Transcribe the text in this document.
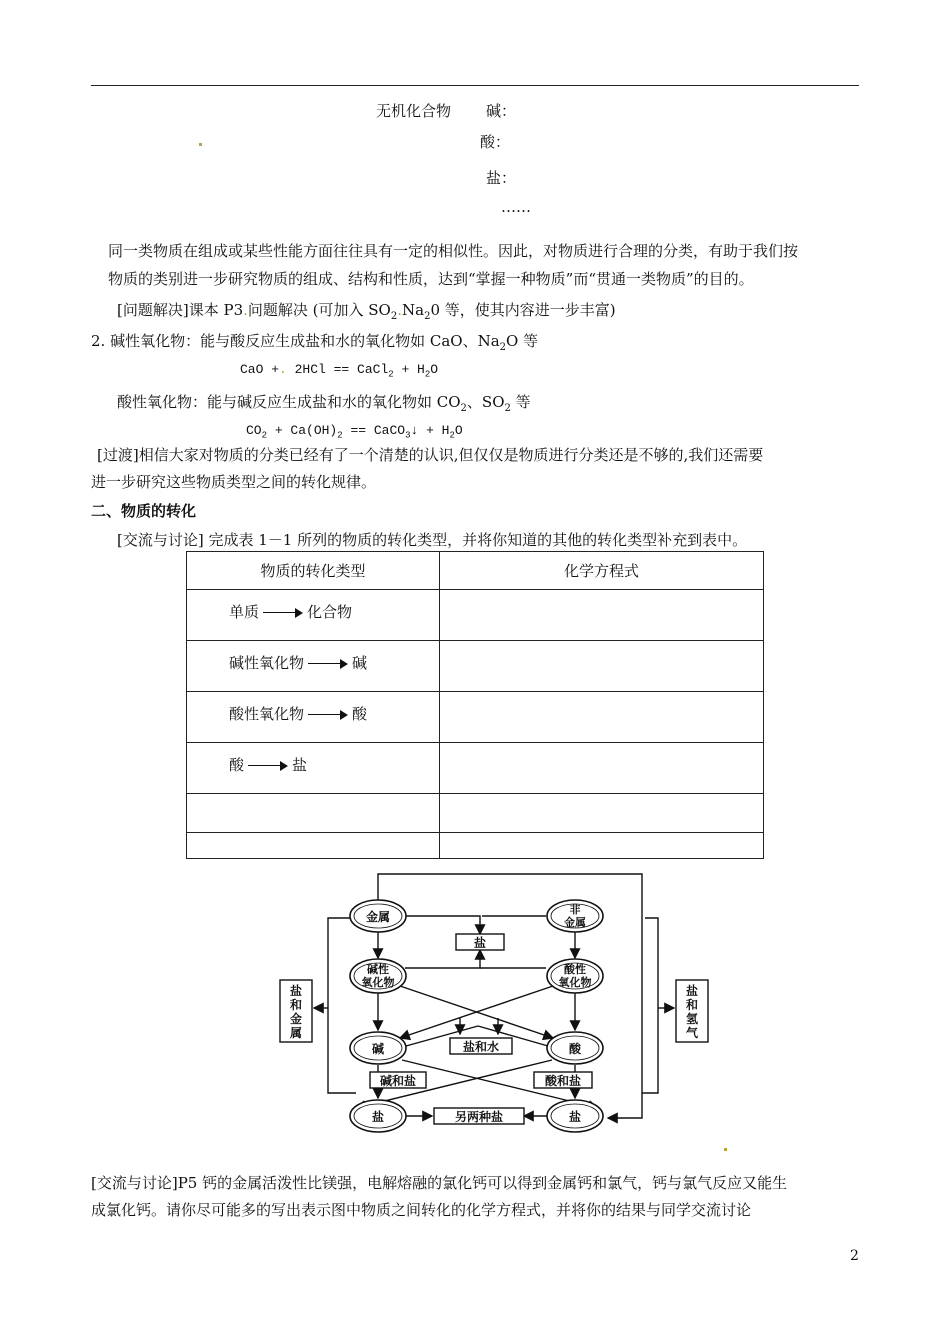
无机化合物 碱：
酸：
盐：
……
同一类物质在组成或某些性能方面往往具有一定的相似性。因此，对物质进行合理的分类，有助于我们按
物质的类别进一步研究物质的组成、结构和性质，达到“掌握一种物质”而“贯通一类物质”的目的。
[问题解决]课本 P3.问题解决 (可加入 $SO_2.Na_20$ 等，使其内容进一步丰富)
2. 碱性氧化物：能与酸反应生成盐和水的氧化物如 CaO、$Na_2O$ 等
CaO +. 2HCl == CaCl$_2$ + $H_2O$
酸性氧化物：能与碱反应生成盐和水的氧化物如 $CO_2$、$SO_2$ 等
$CO_2 + Ca(OH)_2$ == CaCO$_3$↓ + $H_2O$
[过渡]相信大家对物质的分类已经有了一个清楚的认识,但仅仅是物质进行分类还是不够的,我们还需要
进一步研究这些物质类型之间的转化规律。
二、物质的转化
[交流与讨论] 完成表 1－1 所列的物质的转化类型，并将你知道的其他的转化类型补充到表中。
物质的转化类型	化学方程式
单质 化合物	
碱性氧化物 碱	
酸性氧化物 酸	
酸 盐	

金属
非
金属
盐
碱性
氧化物
酸性
氧化物
碱	酸
盐和水
碱和盐	酸和盐
盐	盐
另两种盐
盐
和
金
属
盐
和
氢
气
[交流与讨论]P5 钙的金属活泼性比镁强，电解熔融的氯化钙可以得到金属钙和氯气，钙与氯气反应又能生
成氯化钙。请你尽可能多的写出表示图中物质之间转化的化学方程式，并将你的结果与同学交流讨论
2
